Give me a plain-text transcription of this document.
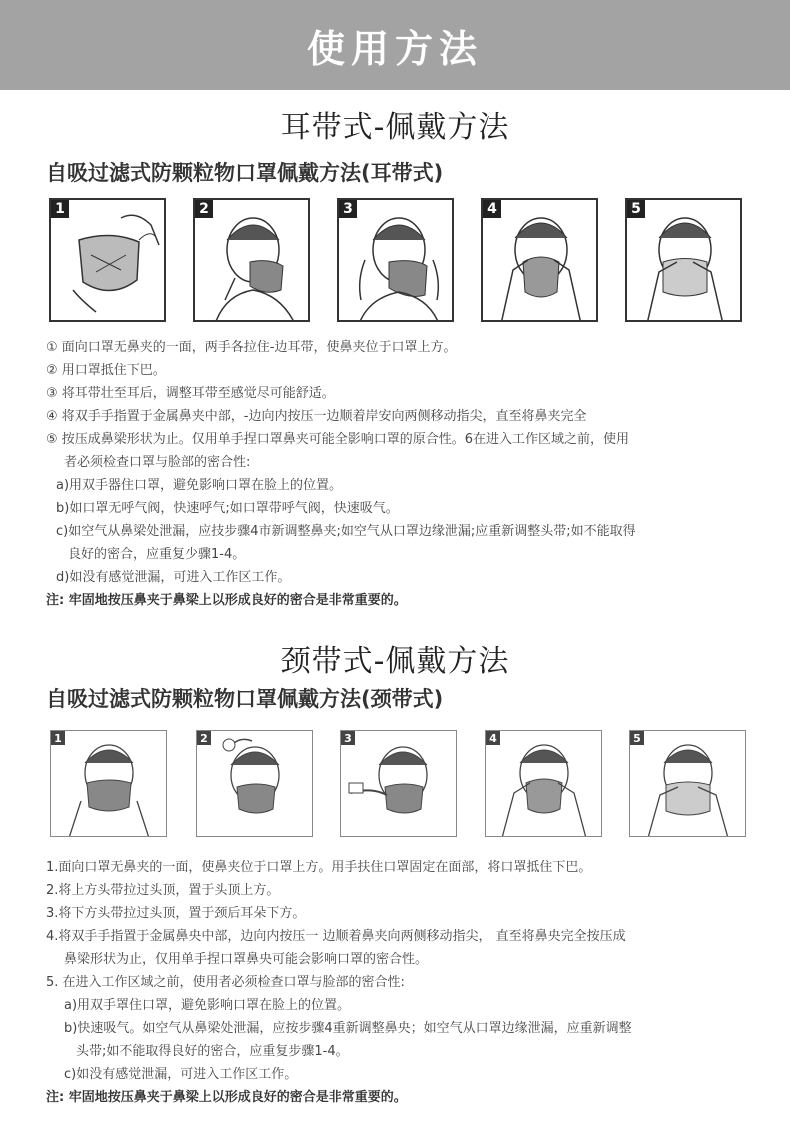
使用方法
耳带式-佩戴方法
自吸过滤式防颗粒物口罩佩戴方法(耳带式)
1	2	3	4	5
① 面向口罩无鼻夹的一面，两手各拉住-边耳带，使鼻夹位于口罩上方。
② 用口罩抵住下巴。
③ 将耳带壮至耳后，调整耳带至感觉尽可能舒适。
④ 将双手手指置于金属鼻夹中部，-边向内按压一边顺着岸安向两侧移动指尖，直至将鼻夹完全
⑤ 按压成鼻梁形状为止。仅用单手捏口罩鼻夹可能全影响口罩的原合性。6在进入工作区域之前，使用
者必须检查口罩与脸部的密合性:
a)用双手器住口罩，避免影响口罩在脸上的位置。
b)如口罩无呼气阀，快速呼气;如口罩带呼气阀，快速吸气。
c)如空气从鼻梁处泄漏，应技步骤4市新调整鼻夹;如空气从口罩边缘泄漏;应重新调整头带;如不能取得
良好的密合，应重复少骤1-4。
d)如没有感觉泄漏，可进入工作区工作。
注: 牢固地按压鼻夹于鼻梁上以形成良好的密合是非常重要的。
颈带式-佩戴方法
自吸过滤式防颗粒物口罩佩戴方法(颈带式)
1	2	3	4	5
1.面向口罩无鼻夹的一面，使鼻夹位于口罩上方。用手扶住口罩固定在面部，将口罩抵住下巴。
2.将上方头带拉过头顶，置于头顶上方。
3.将下方头带拉过头顶，置于颈后耳朵下方。
4.将双手手指置于金属鼻央中部，边向内按压一 边顺着鼻夹向两侧移动指尖， 直至将鼻央完全按压成
鼻梁形状为止，仅用单手捏口罩鼻央可能会影响口罩的密合性。
5. 在进入工作区域之前，使用者必须检查口罩与脸部的密合性:
a)用双手罩住口罩，避免影响口罩在脸上的位置。
b)快速吸气。如空气从鼻梁处泄漏，应按步骤4重新调整鼻央；如空气从口罩边缘泄漏，应重新调整
头带;如不能取得良好的密合，应重复步骤1-4。
c)如没有感觉泄漏，可进入工作区工作。
注: 牢固地按压鼻夹于鼻梁上以形成良好的密合是非常重要的。
